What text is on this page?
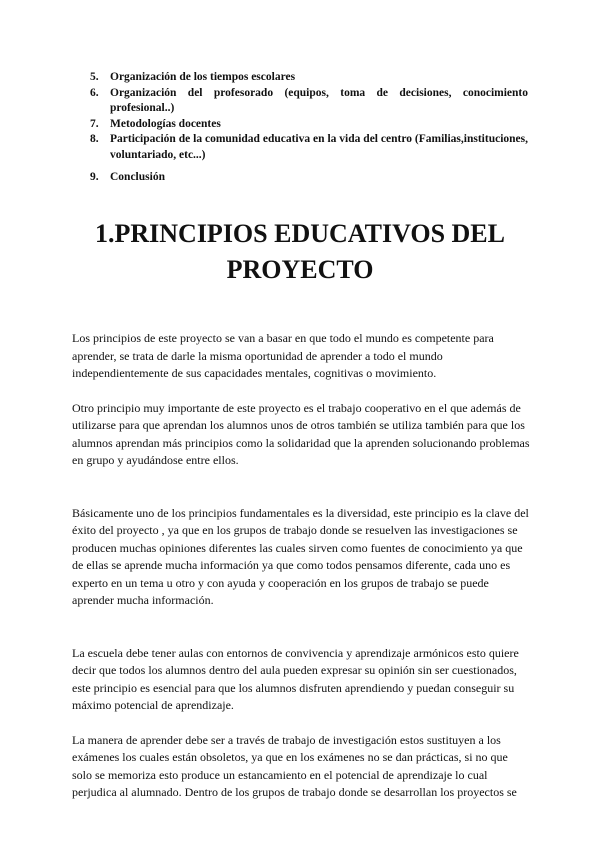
5. Organización de los tiempos escolares
6. Organización del profesorado (equipos, toma de decisiones, conocimiento profesional..)
7. Metodologías docentes
8. Participación de la comunidad educativa en la vida del centro (Familias,instituciones, voluntariado, etc...)
9. Conclusión
1.PRINCIPIOS EDUCATIVOS DEL PROYECTO

Los principios de este proyecto se van a basar en que todo el mundo es competente para aprender, se trata de darle la misma oportunidad de aprender a todo el mundo independientemente de sus capacidades mentales, cognitivas o movimiento.

Otro principio muy importante de este proyecto es el trabajo cooperativo en el que además de utilizarse para que aprendan los alumnos unos de otros también se utiliza también para que los alumnos aprendan más principios como la solidaridad que la aprenden solucionando problemas en grupo y ayudándose entre ellos.

Básicamente uno de los principios fundamentales es la diversidad, este principio es la clave del éxito del proyecto , ya que en los grupos de trabajo donde se resuelven las investigaciones se producen muchas opiniones diferentes las cuales sirven como fuentes de conocimiento ya que de ellas se aprende mucha información ya que como todos pensamos diferente, cada uno es experto en un tema u otro y con ayuda y cooperación en los grupos de trabajo se puede aprender mucha información.

La escuela debe tener aulas con entornos de convivencia y aprendizaje armónicos esto quiere decir que todos los alumnos dentro del aula pueden expresar su opinión sin ser cuestionados, este principio es esencial para que los alumnos disfruten aprendiendo y puedan conseguir su máximo potencial de aprendizaje.

La manera de aprender debe ser a través de trabajo de investigación estos sustituyen a los exámenes los cuales están obsoletos, ya que en los exámenes no se dan prácticas, si no que solo se memoriza esto produce un estancamiento en el potencial de aprendizaje lo cual perjudica al alumnado. Dentro de los grupos de trabajo donde se desarrollan los proyectos se
